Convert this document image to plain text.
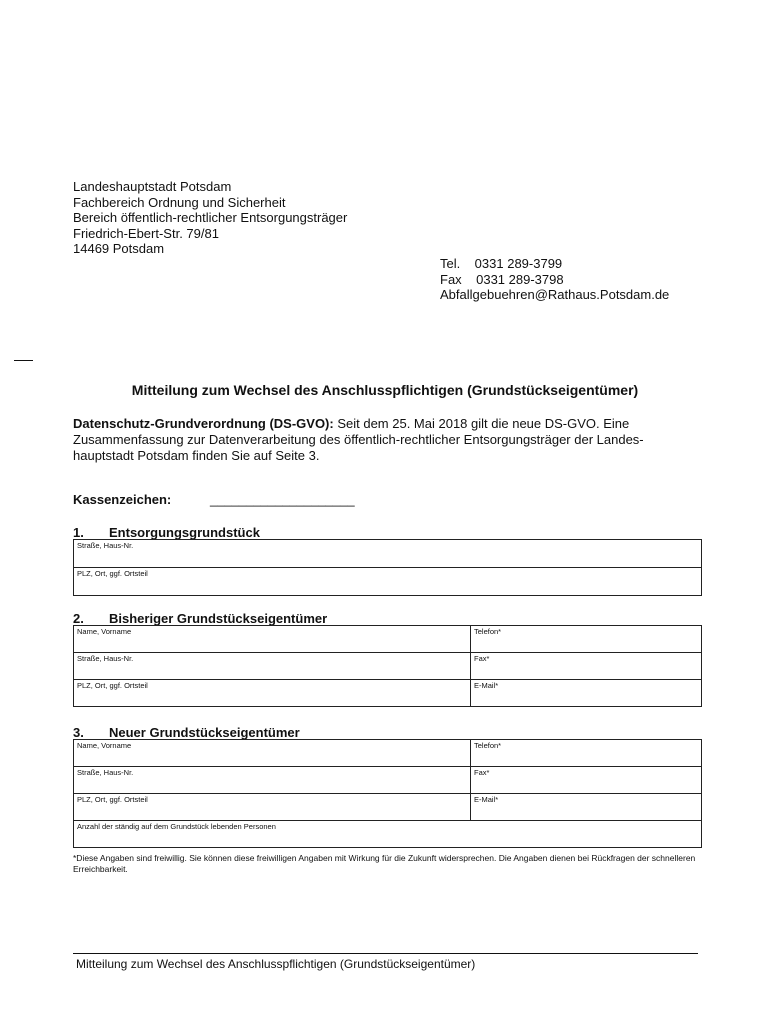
Landeshauptstadt Potsdam
Fachbereich Ordnung und Sicherheit
Bereich öffentlich-rechtlicher Entsorgungsträger
Friedrich-Ebert-Str. 79/81
14469 Potsdam
Tel.    0331 289-3799
Fax    0331 289-3798
Abfallgebuehren@Rathaus.Potsdam.de
Mitteilung zum Wechsel des Anschlusspflichtigen (Grundstückseigentümer)
Datenschutz-Grundverordnung (DS-GVO): Seit dem 25. Mai 2018 gilt die neue DS-GVO. Eine Zusammenfassung zur Datenverarbeitung des öffentlich-rechtlicher Entsorgungsträger der Landes-hauptstadt Potsdam finden Sie auf Seite 3.
Kassenzeichen:	____________________
1. Entsorgungsgrundstück
Straße, Haus-Nr.
PLZ, Ort, ggf. Ortsteil
2. Bisheriger Grundstückseigentümer
Name, Vorname	Telefon*
Straße, Haus-Nr.	Fax*
PLZ, Ort, ggf. Ortsteil	E-Mail*
3. Neuer Grundstückseigentümer
Name, Vorname	Telefon*
Straße, Haus-Nr.	Fax*
PLZ, Ort, ggf. Ortsteil	E-Mail*
Anzahl der ständig auf dem Grundstück lebenden Personen	
*Diese Angaben sind freiwillig. Sie können diese freiwilligen Angaben mit Wirkung für die Zukunft widersprechen. Die Angaben dienen bei Rückfragen der schnelleren Erreichbarkeit.
Mitteilung zum Wechsel des Anschlusspflichtigen (Grundstückseigentümer)
